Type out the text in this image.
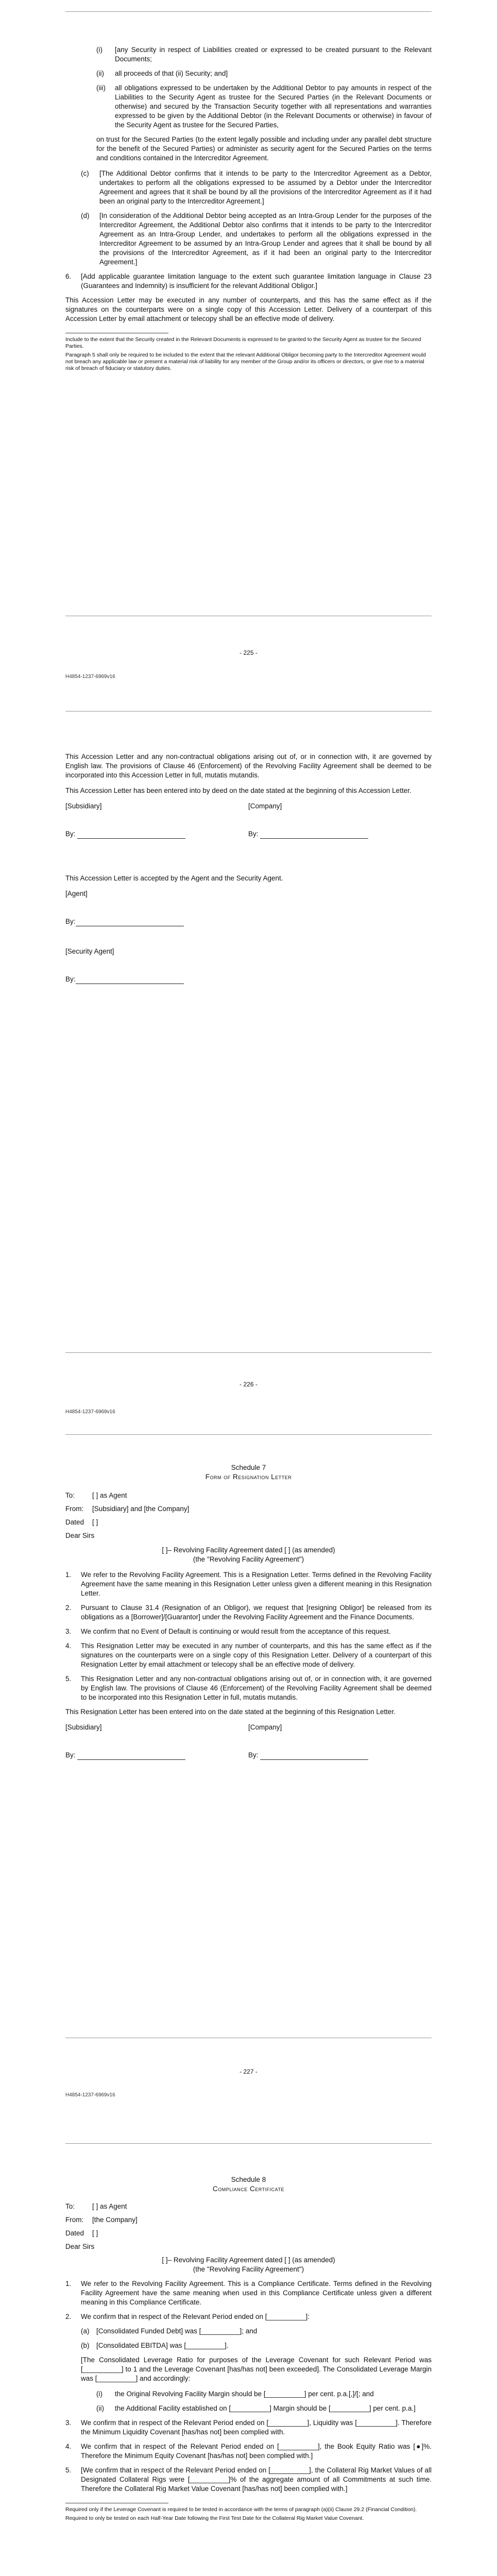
(i)	[any Security in respect of Liabilities created or expressed to be created pursuant to the Relevant Documents;
(ii)	all proceeds of that (ii) Security; and]
(iii)	all obligations expressed to be undertaken by the Additional Debtor to pay amounts in respect of the Liabilities to the Security Agent as trustee for the Secured Parties (in the Relevant Documents or otherwise) and secured by the Transaction Security together with all representations and warranties expressed to be given by the Additional Debtor (in the Relevant Documents or otherwise) in favour of the Security Agent as trustee for the Secured Parties,

on trust for the Secured Parties (to the extent legally possible and including under any parallel debt structure for the benefit of the Secured Parties) or administer as security agent for the Secured Parties on the terms and conditions contained in the Intercreditor Agreement.

(c)	[The Additional Debtor confirms that it intends to be party to the Intercreditor Agreement as a Debtor, undertakes to perform all the obligations expressed to be assumed by a Debtor under the Intercreditor Agreement and agrees that it shall be bound by all the provisions of the Intercreditor Agreement as if it had been an original party to the Intercreditor Agreement.]
(d)	[In consideration of the Additional Debtor being accepted as an Intra-Group Lender for the purposes of the Intercreditor Agreement, the Additional Debtor also confirms that it intends to be party to the Intercreditor Agreement as an Intra-Group Lender, and undertakes to perform all the obligations expressed in the Intercreditor Agreement to be assumed by an Intra-Group Lender and agrees that it shall be bound by all the provisions of the Intercreditor Agreement, as if it had been an original party to the Intercreditor Agreement.]
6.	[Add applicable guarantee limitation language to the extent such guarantee limitation language in Clause 23 (Guarantees and Indemnity) is insufficient for the relevant Additional Obligor.]

This Accession Letter may be executed in any number of counterparts, and this has the same effect as if the signatures on the counterparts were on a single copy of this Accession Letter. Delivery of a counterpart of this Accession Letter by email attachment or telecopy shall be an effective mode of delivery.

Include to the extent that the Security created in the Relevant Documents is expressed to be granted to the Security Agent as trustee for the Secured Parties.
Paragraph 5 shall only be required to be included to the extent that the relevant Additional Obligor becoming party to the Intercreditor Agreement would not breach any applicable law or present a material risk of liability for any member of the Group and/or its officers or directors, or give rise to a material risk of breach of fiduciary or statutory duties.
- 225 -
H4854-1237-6969v16

This Accession Letter and any non-contractual obligations arising out of, or in connection with, it are governed by English law. The provisions of Clause 46 (Enforcement) of the Revolving Facility Agreement shall be deemed to be incorporated into this Accession Letter in full, mutatis mutandis.

This Accession Letter has been entered into by deed on the date stated at the beginning of this Accession Letter.

[Subsidiary]	[Company]
By:	By:

This Accession Letter is accepted by the Agent and the Security Agent.

[Agent]
By:
[Security Agent]
By:
- 226 -
H4854-1237-6969v16
Schedule 7
Form of Resignation Letter
To:	[ ] as Agent
From:	[Subsidiary] and [the Company]
Dated	[ ]
Dear Sirs
[ ]– Revolving Facility Agreement dated [ ] (as amended)
(the "Revolving Facility Agreement")
1.	We refer to the Revolving Facility Agreement. This is a Resignation Letter. Terms defined in the Revolving Facility Agreement have the same meaning in this Resignation Letter unless given a different meaning in this Resignation Letter.
2.	Pursuant to Clause 31.4 (Resignation of an Obligor), we request that [resigning Obligor] be released from its obligations as a [Borrower]/[Guarantor] under the Revolving Facility Agreement and the Finance Documents.
3.	We confirm that no Event of Default is continuing or would result from the acceptance of this request.
4.	This Resignation Letter may be executed in any number of counterparts, and this has the same effect as if the signatures on the counterparts were on a single copy of this Resignation Letter. Delivery of a counterpart of this Resignation Letter by email attachment or telecopy shall be an effective mode of delivery.
5.	This Resignation Letter and any non-contractual obligations arising out of, or in connection with, it are governed by English law. The provisions of Clause 46 (Enforcement) of the Revolving Facility Agreement shall be deemed to be incorporated into this Resignation Letter in full, mutatis mutandis.

This Resignation Letter has been entered into on the date stated at the beginning of this Resignation Letter.

[Subsidiary]	[Company]
By:	By:
- 227 -
H4854-1237-6969v16
Schedule 8
Compliance Certificate
To:	[ ] as Agent
From:	[the Company]
Dated	[ ]
Dear Sirs
[ ]– Revolving Facility Agreement dated [ ] (as amended)
(the "Revolving Facility Agreement")
1.	We refer to the Revolving Facility Agreement. This is a Compliance Certificate. Terms defined in the Revolving Facility Agreement have the same meaning when used in this Compliance Certificate unless given a different meaning in this Compliance Certificate.
2.	We confirm that in respect of the Relevant Period ended on [__________]:
(a)	[Consolidated Funded Debt] was [__________]; and
(b)	[Consolidated EBITDA] was [__________].

[The Consolidated Leverage Ratio for purposes of the Leverage Covenant for such Relevant Period was [__________] to 1 and the Leverage Covenant [has/has not] been exceeded]. The Consolidated Leverage Margin was [__________] and accordingly:

(i)	the Original Revolving Facility Margin should be [__________] per cent. p.a.[,]/[; and
(ii)	the Additional Facility established on [__________] Margin should be [__________] per cent. p.a.]
3.	We confirm that in respect of the Relevant Period ended on [__________], Liquidity was [__________]. Therefore the Minimum Liquidity Covenant [has/has not] been complied with.
4.	We confirm that in respect of the Relevant Period ended on [__________], the Book Equity Ratio was [●]%. Therefore the Minimum Equity Covenant [has/has not] been complied with.]
5.	[We confirm that in respect of the Relevant Period ended on [__________], the Collateral Rig Market Values of all Designated Collateral Rigs were [__________]% of the aggregate amount of all Commitments at such time. Therefore the Collateral Rig Market Value Covenant [has/has not] been complied with.]
Required only if the Leverage Covenant is required to be tested in accordance with the terms of paragraph (a)(ii) Clause 29.2 (Financial Condition).
Required to only be tested on each Half-Year Date following the First Test Date for the Collateral Rig Market Value Covenant.
